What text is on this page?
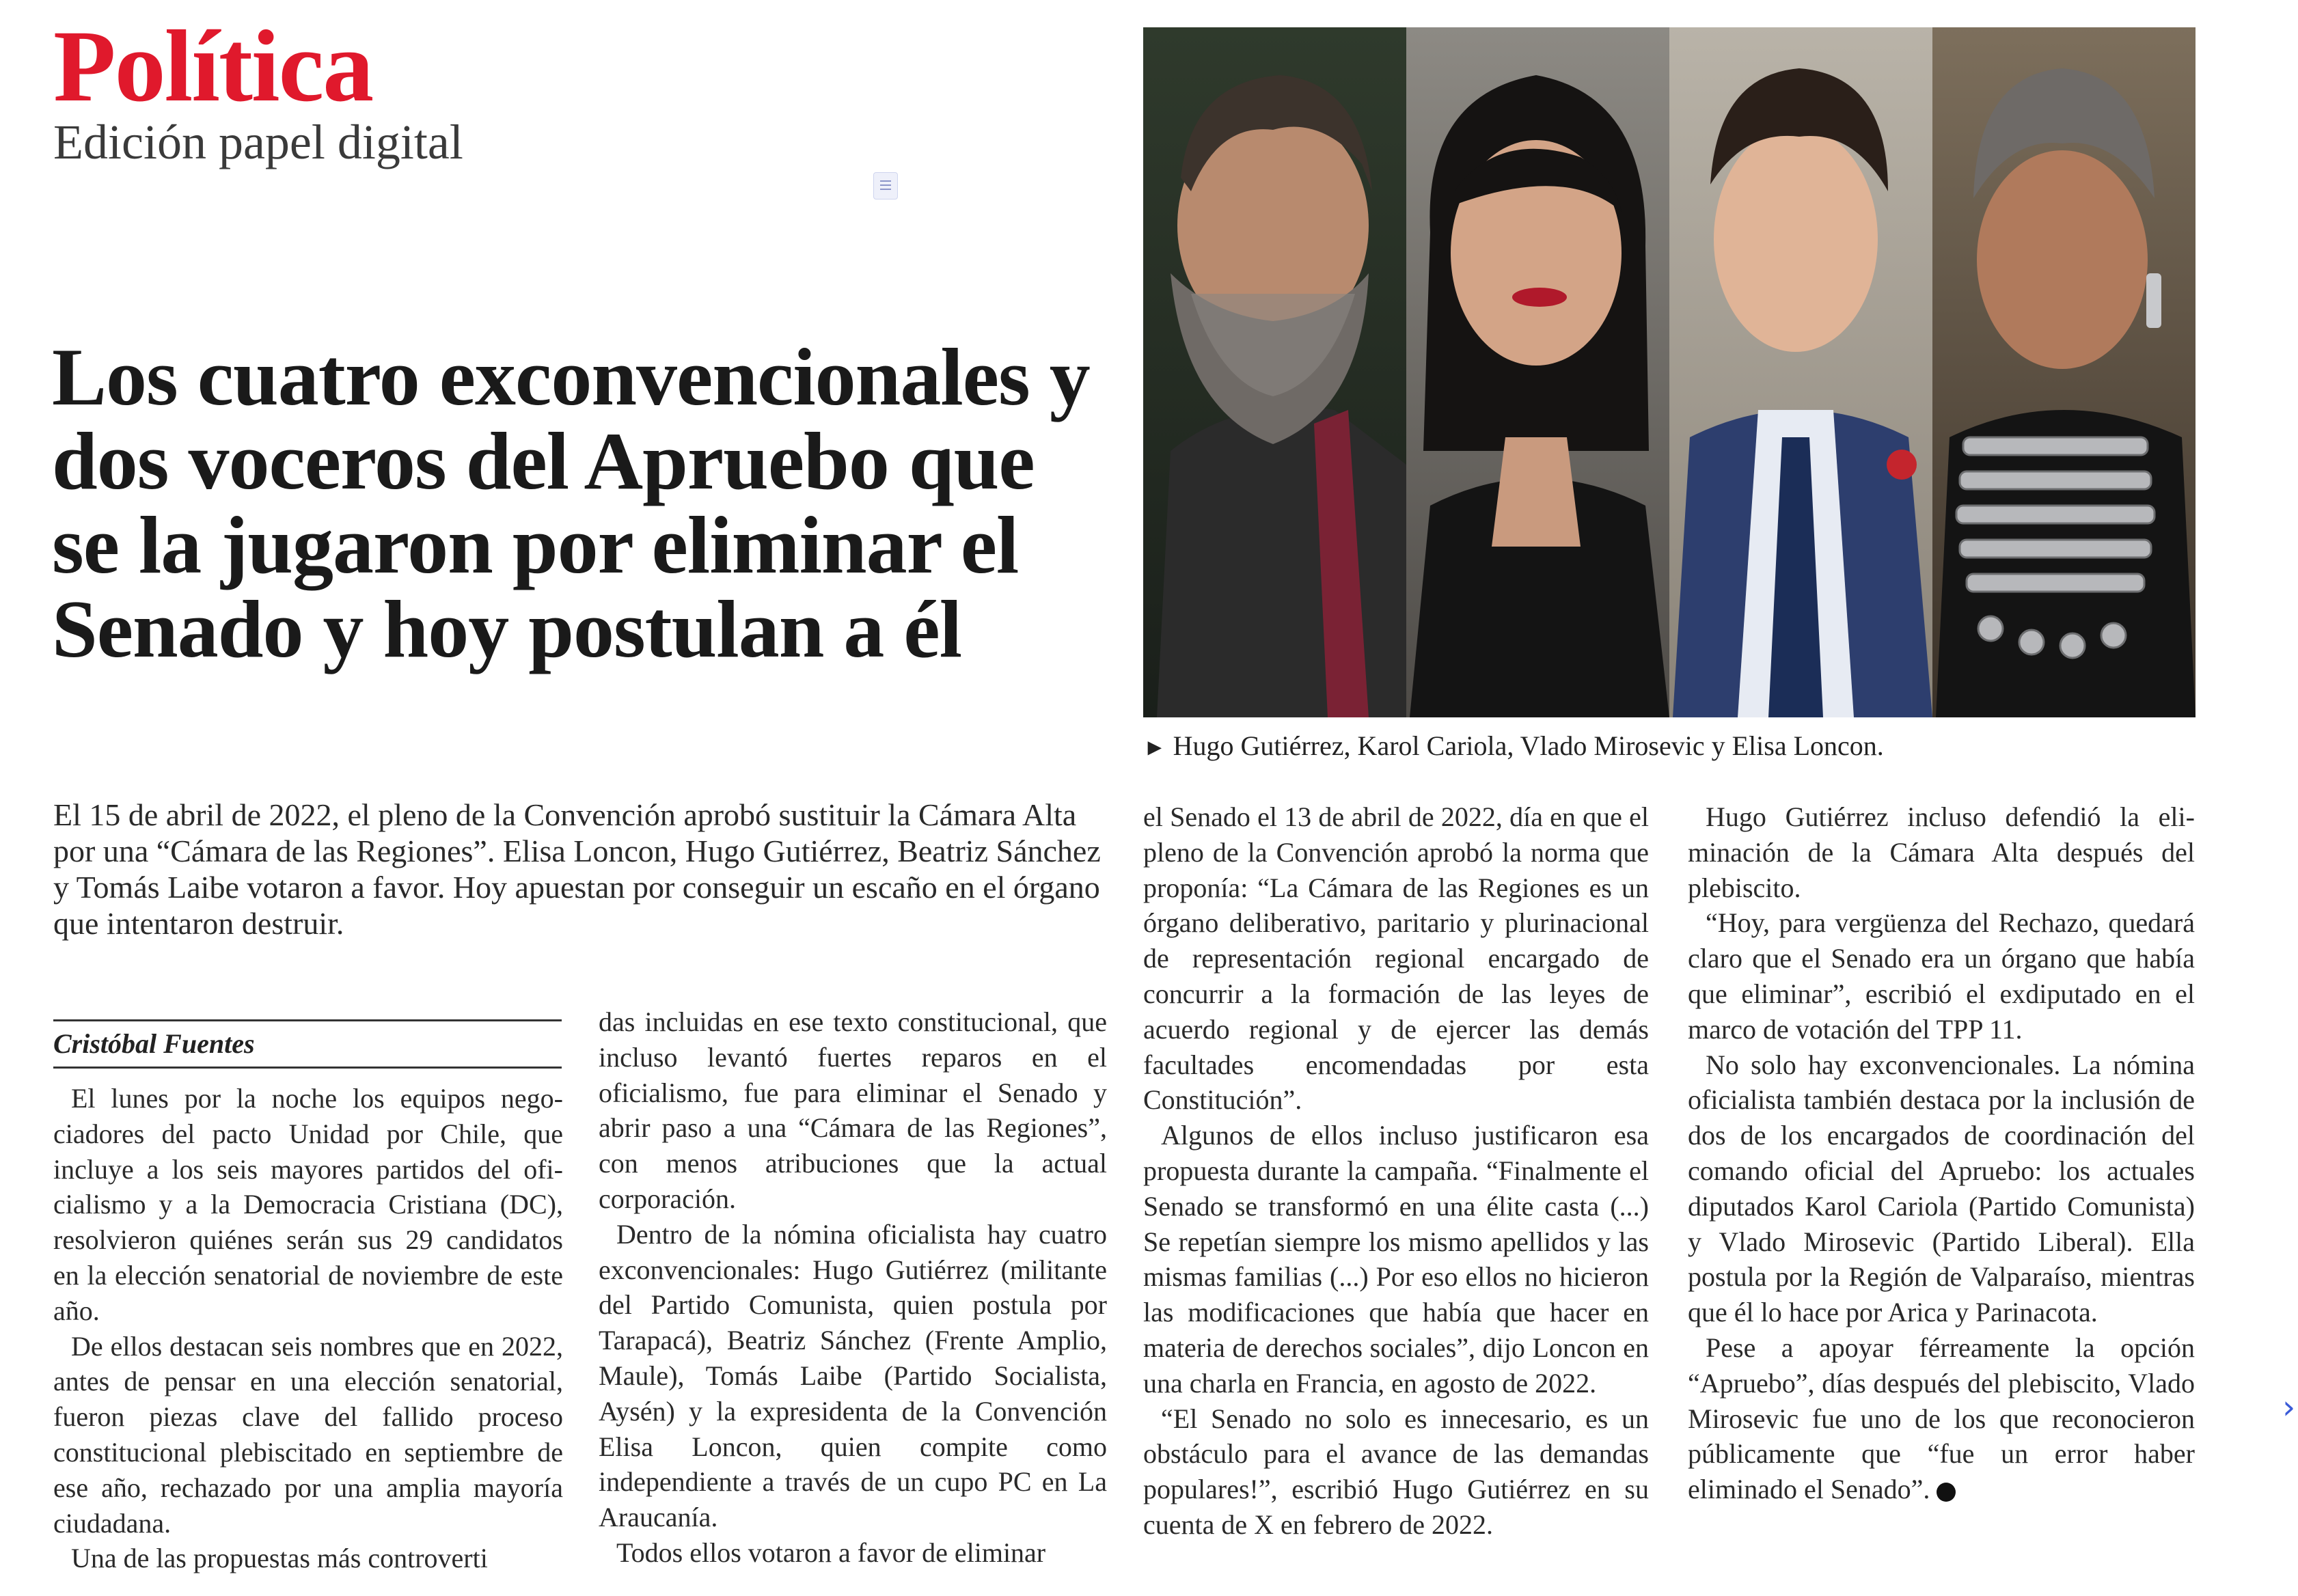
Política
Edición papel digital
Los cuatro exconvencionales y dos voceros del Apruebo que se la jugaron por eliminar el Senado y hoy postulan a él

El 15 de abril de 2022, el pleno de la Convención aprobó sustituir la Cámara Alta por una “Cámara de las Regiones”. Elisa Loncon, Hugo Gutiérrez, Beatriz Sánchez y Tomás Laibe votaron a favor. Hoy apuestan por conseguir un escaño en el órgano que intentaron destruir.

► Hugo Gutiérrez, Karol Cariola, Vlado Mirosevic y Elisa Loncon.

Cristóbal Fuentes

El lunes por la noche los equipos negociadores del pacto Unidad por Chile, que incluye a los seis mayores partidos del oficialismo y a la Democracia Cristiana (DC), resolvieron quiénes serán sus 29 candidatos en la elección senatorial de noviembre de este año.

De ellos destacan seis nombres que en 2022, antes de pensar en una elección senatorial, fueron piezas clave del fallido proceso constitucional plebiscitado en septiembre de ese año, rechazado por una amplia mayoría ciudadana.

Una de las propuestas más controverti

das incluidas en ese texto constitucional, que incluso levantó fuertes reparos en el oficialismo, fue para eliminar el Senado y abrir paso a una “Cámara de las Regiones”, con menos atribuciones que la actual corporación.

Dentro de la nómina oficialista hay cuatro exconvencionales: Hugo Gutiérrez (militante del Partido Comunista, quien postula por Tarapacá), Beatriz Sánchez (Frente Amplio, Maule), Tomás Laibe (Partido Socialista, Aysén) y la expresidenta de la Convención Elisa Loncon, quien compite como independiente a través de un cupo PC en La Araucanía.

Todos ellos votaron a favor de eliminar

el Senado el 13 de abril de 2022, día en que el pleno de la Convención aprobó la norma que proponía: “La Cámara de las Regiones es un órgano deliberativo, paritario y plurinacional de representación regional encargado de concurrir a la formación de las leyes de acuerdo regional y de ejercer las demás facultades encomendadas por esta Constitución”.

Algunos de ellos incluso justificaron esa propuesta durante la campaña. “Finalmente el Senado se transformó en una élite casta (...) Se repetían siempre los mismo apellidos y las mismas familias (...) Por eso ellos no hicieron las modificaciones que había que hacer en materia de derechos sociales”, dijo Loncon en una charla en Francia, en agosto de 2022.

“El Senado no solo es innecesario, es un obstáculo para el avance de las demandas populares!”, escribió Hugo Gutiérrez en su cuenta de X en febrero de 2022.

Hugo Gutiérrez incluso defendió la eliminación de la Cámara Alta después del plebiscito.

“Hoy, para vergüenza del Rechazo, quedará claro que el Senado era un órgano que había que eliminar”, escribió el exdiputado en el marco de votación del TPP 11.

No solo hay exconvencionales. La nómina oficialista también destaca por la inclusión de dos de los encargados de coordinación del comando oficial del Apruebo: los actuales diputados Karol Cariola (Partido Comunista) y Vlado Mirosevic (Partido Liberal). Ella postula por la Región de Valparaíso, mientras que él lo hace por Arica y Parinacota.

Pese a apoyar férreamente la opción “Apruebo”, días después del plebiscito, Vlado Mirosevic fue uno de los que reconocieron públicamente que “fue un error haber eliminado el Senado”.

›
